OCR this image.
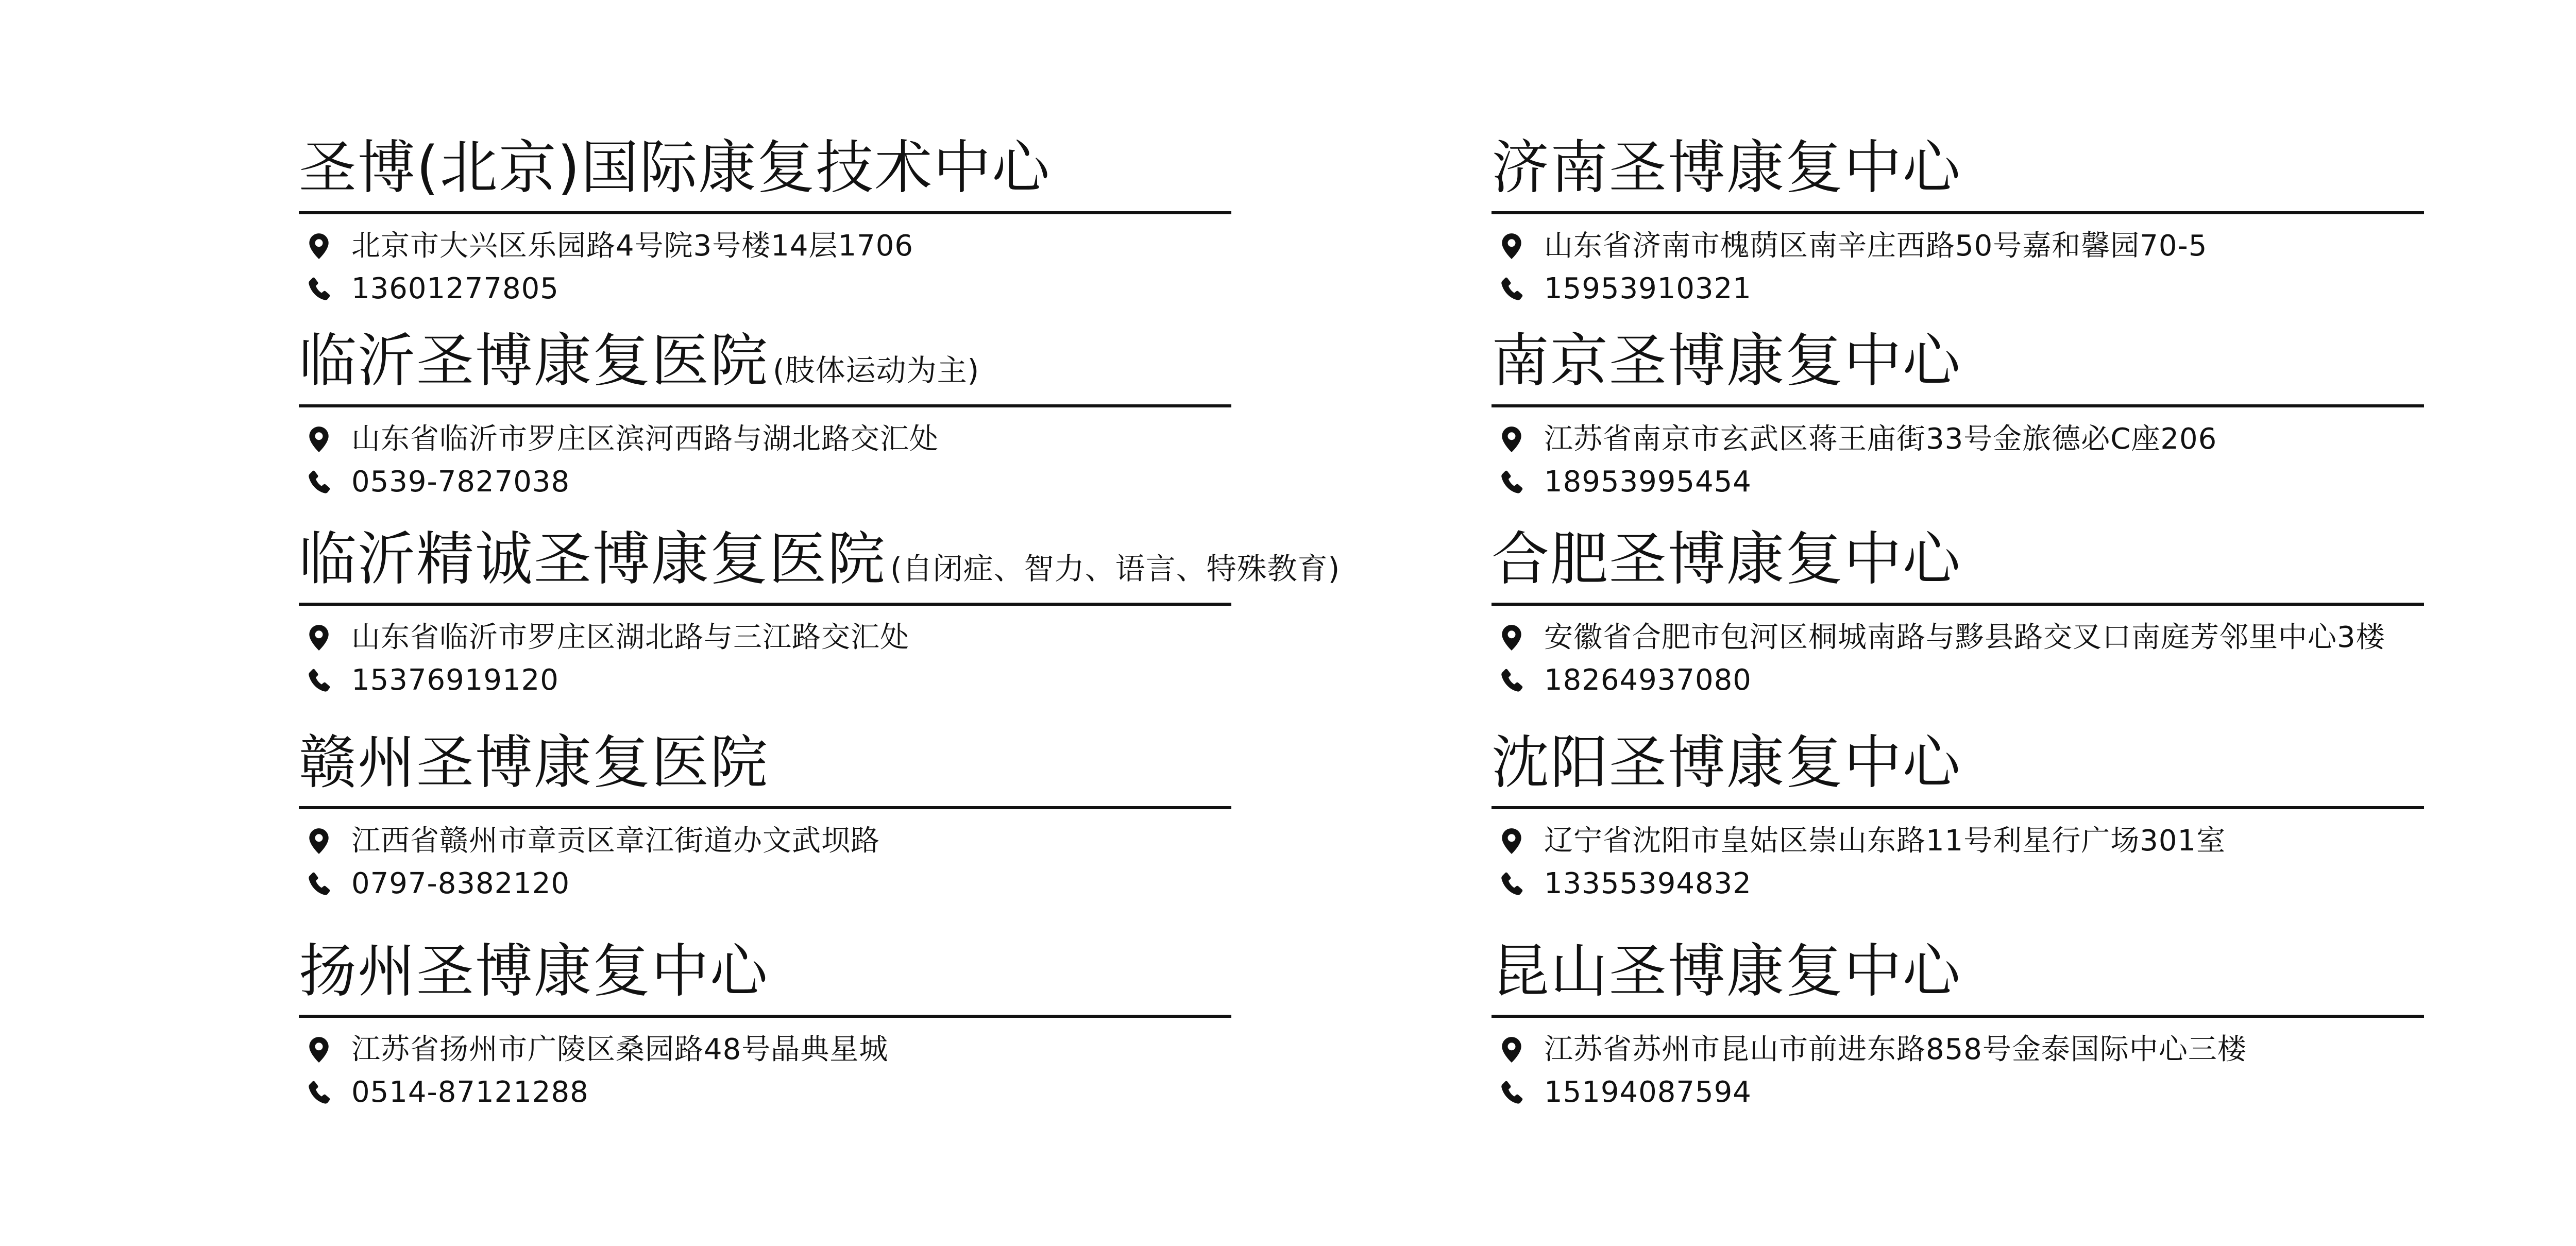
圣博(北京)国际康复技术中心
北京市大兴区乐园路4号院3号楼14层1706
13601277805
临沂圣博康复医院 (肢体运动为主)
山东省临沂市罗庄区滨河西路与湖北路交汇处
0539-7827038
临沂精诚圣博康复医院 (自闭症、智力、语言、特殊教育)
山东省临沂市罗庄区湖北路与三江路交汇处
15376919120
赣州圣博康复医院
江西省赣州市章贡区章江街道办文武坝路
0797-8382120
扬州圣博康复中心
江苏省扬州市广陵区桑园路48号晶典星城
0514-87121288
济南圣博康复中心
山东省济南市槐荫区南辛庄西路50号嘉和馨园70-5
15953910321
南京圣博康复中心
江苏省南京市玄武区蒋王庙街33号金旅德必C座206
18953995454
合肥圣博康复中心
安徽省合肥市包河区桐城南路与黟县路交叉口南庭芳邻里中心3楼
18264937080
沈阳圣博康复中心
辽宁省沈阳市皇姑区崇山东路11号利星行广场301室
13355394832
昆山圣博康复中心
江苏省苏州市昆山市前进东路858号金泰国际中心三楼
15194087594
